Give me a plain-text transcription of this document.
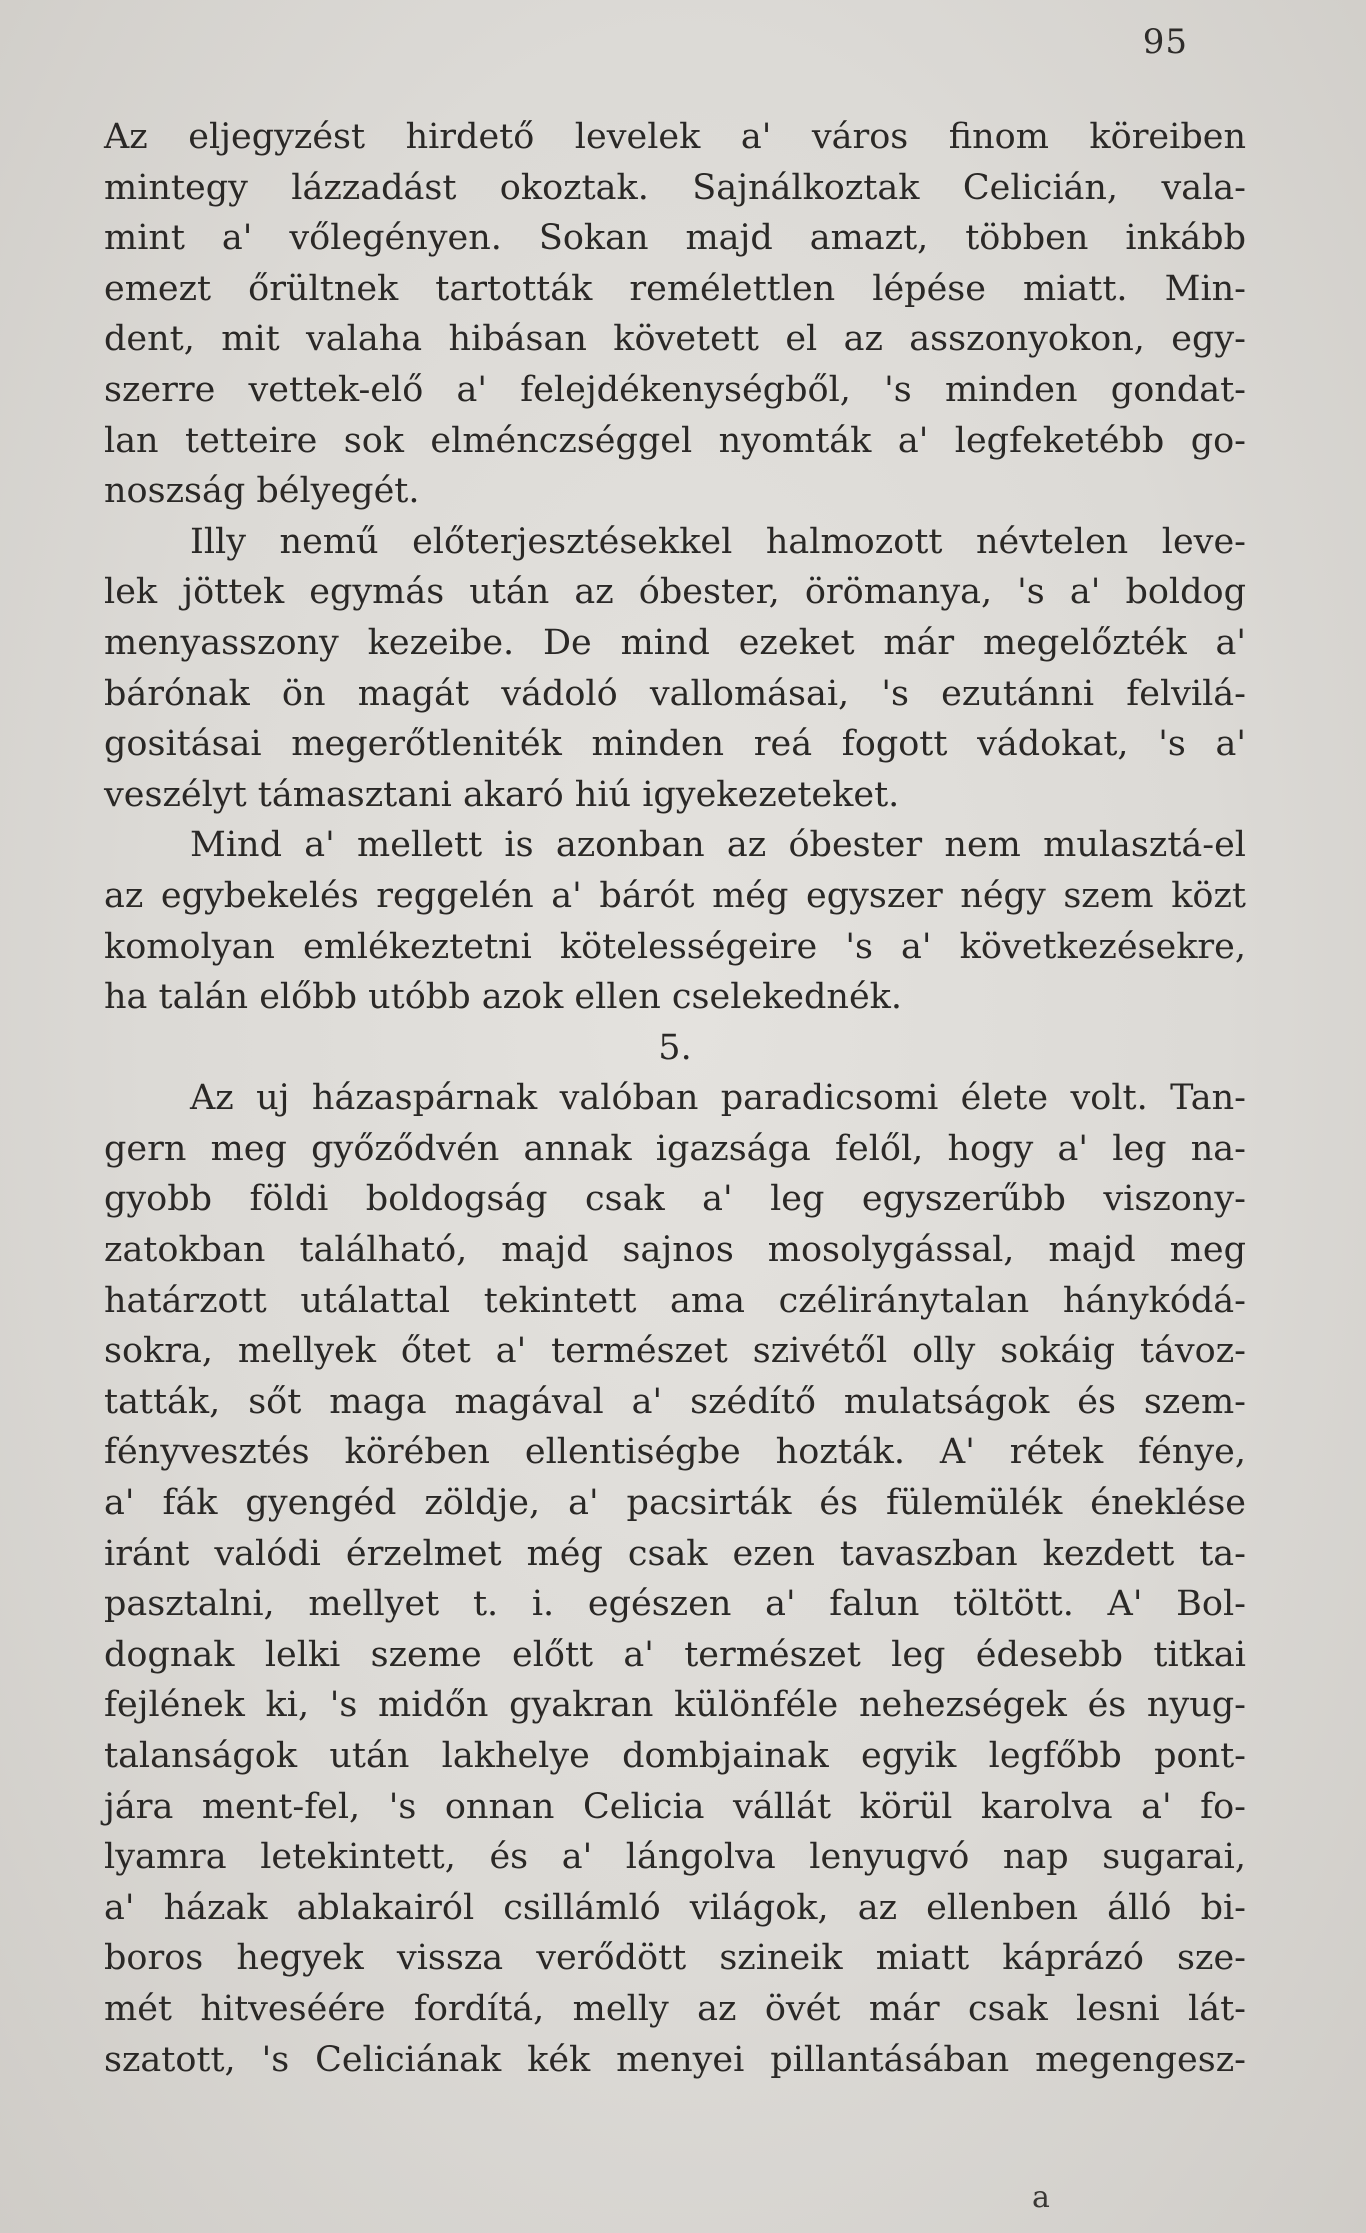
95
Az eljegyzést hirdető levelek a' város finom köreiben
mintegy lázzadást okoztak. Sajnálkoztak Celicián, vala-
mint a' vőlegényen. Sokan majd amazt, többen inkább
emezt őrültnek tartották remélettlen lépése miatt. Min-
dent, mit valaha hibásan követett el az asszonyokon, egy-
szerre vettek-elő a' felejdékenységből, 's minden gondat-
lan tetteire sok elménczséggel nyomták a' legfeketébb go-
noszság bélyegét.
Illy nemű előterjesztésekkel halmozott névtelen leve-
lek jöttek egymás után az óbester, örömanya, 's a' boldog
menyasszony kezeibe. De mind ezeket már megelőzték a'
bárónak ön magát vádoló vallomásai, 's ezutánni felvilá-
gositásai megerőtleniték minden reá fogott vádokat, 's a'
veszélyt támasztani akaró hiú igyekezeteket.
Mind a' mellett is azonban az óbester nem mulasztá-el
az egybekelés reggelén a' bárót még egyszer négy szem közt
komolyan emlékeztetni kötelességeire 's a' következésekre,
ha talán előbb utóbb azok ellen cselekednék.
5.
Az uj házaspárnak valóban paradicsomi élete volt. Tan-
gern meg győződvén annak igazsága felől, hogy a' leg na-
gyobb földi boldogság csak a' leg egyszerűbb viszony-
zatokban található, majd sajnos mosolygással, majd meg
határzott utálattal tekintett ama czéliránytalan hánykódá-
sokra, mellyek őtet a' természet szivétől olly sokáig távoz-
tatták, sőt maga magával a' szédítő mulatságok és szem-
fényvesztés körében ellentiségbe hozták. A' rétek fénye,
a' fák gyengéd zöldje, a' pacsirták és fülemülék éneklése
iránt valódi érzelmet még csak ezen tavaszban kezdett ta-
pasztalni, mellyet t. i. egészen a' falun töltött. A' Bol-
dognak lelki szeme előtt a' természet leg édesebb titkai
fejlének ki, 's midőn gyakran különféle nehezségek és nyug-
talanságok után lakhelye dombjainak egyik legfőbb pont-
jára ment-fel, 's onnan Celicia vállát körül karolva a' fo-
lyamra letekintett, és a' lángolva lenyugvó nap sugarai,
a' házak ablakairól csillámló világok, az ellenben álló bi-
boros hegyek vissza verődött szineik miatt káprázó sze-
mét hitveséére fordítá, melly az övét már csak lesni lát-
szatott, 's Celiciának kék menyei pillantásában megengesz-
a
